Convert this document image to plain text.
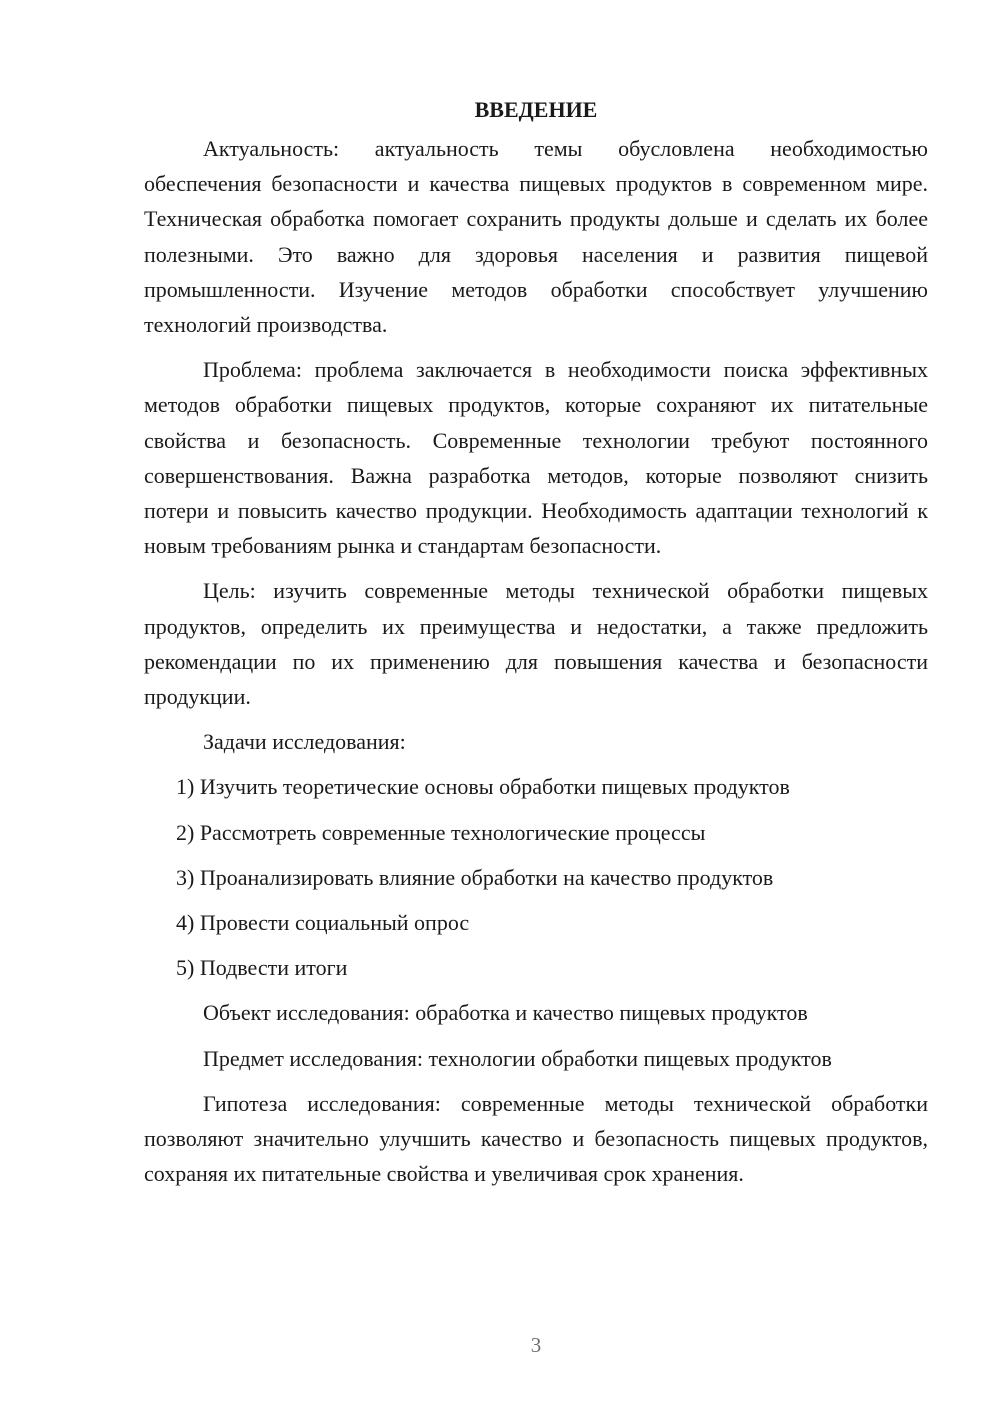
ВВЕДЕНИЕ

Актуальность: актуальность темы обусловлена необходимостью обеспечения безопасности и качества пищевых продуктов в современном мире. Техническая обработка помогает сохранить продукты дольше и сделать их более полезными. Это важно для здоровья населения и развития пищевой промышленности. Изучение методов обработки способствует улучшению технологий производства.

Проблема: проблема заключается в необходимости поиска эффективных методов обработки пищевых продуктов, которые сохраняют их питательные свойства и безопасность. Современные технологии требуют постоянного совершенствования. Важна разработка методов, которые позволяют снизить потери и повысить качество продукции. Необходимость адаптации технологий к новым требованиям рынка и стандартам безопасности.

Цель: изучить современные методы технической обработки пищевых продуктов, определить их преимущества и недостатки, а также предложить рекомендации по их применению для повышения качества и безопасности продукции.

Задачи исследования:

1) Изучить теоретические основы обработки пищевых продуктов

2) Рассмотреть современные технологические процессы

3) Проанализировать влияние обработки на качество продуктов

4) Провести социальный опрос

5) Подвести итоги

Объект исследования: обработка и качество пищевых продуктов

Предмет исследования: технологии обработки пищевых продуктов

Гипотеза исследования: современные методы технической обработки позволяют значительно улучшить качество и безопасность пищевых продуктов, сохраняя их питательные свойства и увеличивая срок хранения.

3
